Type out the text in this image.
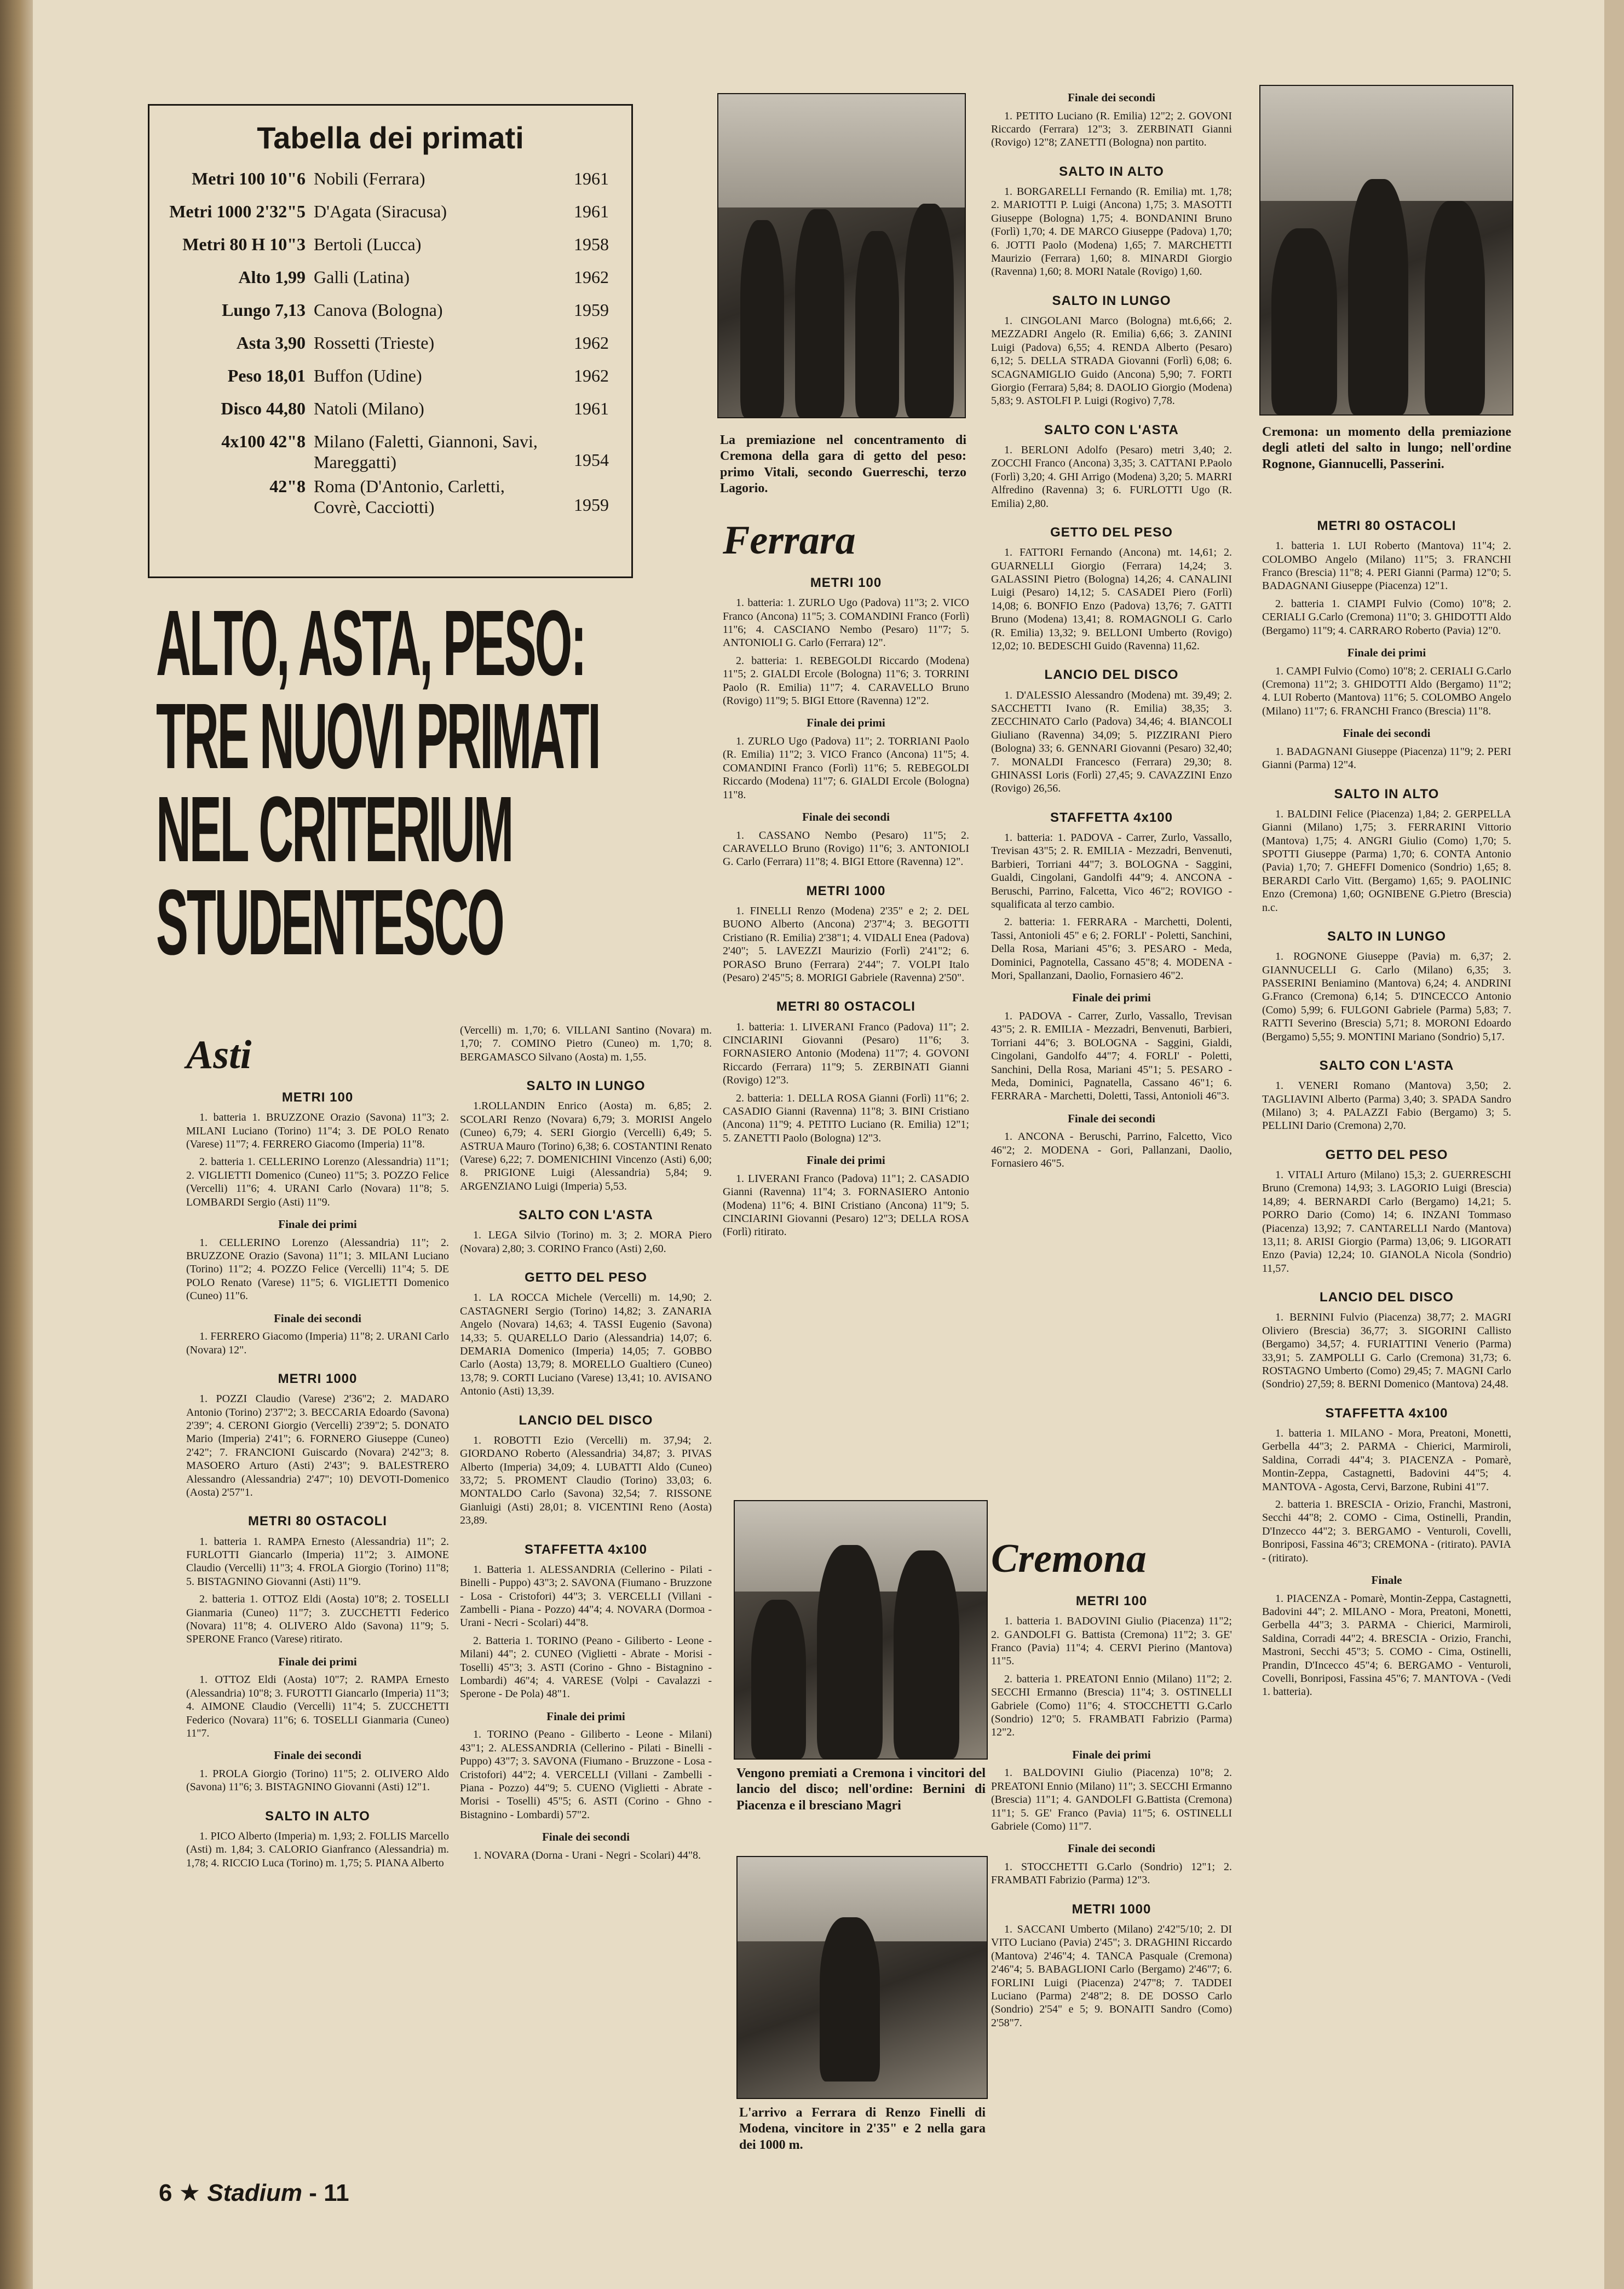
Tabella dei primati
Metri 100 10"6 Nobili (Ferrara)	1961
Metri 1000 2'32"5 D'Agata (Siracusa)	1961
Metri 80 H 10"3 Bertoli (Lucca)	1958
Alto 1,99 Galli (Latina)	1962
Lungo 7,13 Canova (Bologna)	1959
Asta 3,90 Rossetti (Trieste)	1962
Peso 18,01 Buffon (Udine)	1962
Disco 44,80 Natoli (Milano)	1961
4x100 42"8 Milano (Faletti, Giannoni, Savi, Mareggatti)	1954
42"8 Roma (D'Antonio, Carletti, Covrè, Cacciotti)	1959
ALTO, ASTA, PESO:
TRE NUOVI PRIMATI
NEL CRITERIUM
STUDENTESCO
La premiazione nel concentramento di Cremona della gara di getto del peso: primo Vitali, secondo Guerreschi, terzo Lagorio.
Cremona: un momento della premiazione degli atleti del salto in lungo; nell'ordine Rognone, Giannucelli, Passerini.
Vengono premiati a Cremona i vincitori del lancio del disco; nell'ordine: Bernini di Piacenza e il bresciano Magri
L'arrivo a Ferrara di Renzo Finelli di Modena, vincitore in 2'35" e 2 nella gara dei 1000 m.
Asti
METRI 100

1. batteria 1. BRUZZONE Orazio (Savona) 11"3; 2. MILANI Luciano (Torino) 11"4; 3. DE POLO Renato (Varese) 11"7; 4. FERRERO Giacomo (Imperia) 11"8.

2. batteria 1. CELLERINO Lorenzo (Alessandria) 11"1; 2. VIGLIETTI Domenico (Cuneo) 11"5; 3. POZZO Felice (Vercelli) 11"6; 4. URANI Carlo (Novara) 11"8; 5. LOMBARDI Sergio (Asti) 11"9.

Finale dei primi

1. CELLERINO Lorenzo (Alessandria) 11"; 2. BRUZZONE Orazio (Savona) 11"1; 3. MILANI Luciano (Torino) 11"2; 4. POZZO Felice (Vercelli) 11"4; 5. DE POLO Renato (Varese) 11"5; 6. VIGLIETTI Domenico (Cuneo) 11"6.

Finale dei secondi

1. FERRERO Giacomo (Imperia) 11"8; 2. URANI Carlo (Novara) 12".

METRI 1000

1. POZZI Claudio (Varese) 2'36"2; 2. MADARO Antonio (Torino) 2'37"2; 3. BECCARIA Edoardo (Savona) 2'39"; 4. CERONI Giorgio (Vercelli) 2'39"2; 5. DONATO Mario (Imperia) 2'41"; 6. FORNERO Giuseppe (Cuneo) 2'42"; 7. FRANCIONI Guiscardo (Novara) 2'42"3; 8. MASOERO Arturo (Asti) 2'43"; 9. BALESTRERO Alessandro (Alessandria) 2'47"; 10) DEVOTI-Domenico (Aosta) 2'57"1.

METRI 80 OSTACOLI

1. batteria 1. RAMPA Ernesto (Alessandria) 11"; 2. FURLOTTI Giancarlo (Imperia) 11"2; 3. AIMONE Claudio (Vercelli) 11"3; 4. FROLA Giorgio (Torino) 11"8; 5. BISTAGNINO Giovanni (Asti) 11"9.

2. batteria 1. OTTOZ Eldi (Aosta) 10"8; 2. TOSELLI Gianmaria (Cuneo) 11"7; 3. ZUCCHETTI Federico (Novara) 11"8; 4. OLIVERO Aldo (Savona) 11"9; 5. SPERONE Franco (Varese) ritirato.

Finale dei primi

1. OTTOZ Eldi (Aosta) 10"7; 2. RAMPA Ernesto (Alessandria) 10"8; 3. FUROTTI Giancarlo (Imperia) 11"3; 4. AIMONE Claudio (Vercelli) 11"4; 5. ZUCCHETTI Federico (Novara) 11"6; 6. TOSELLI Gianmaria (Cuneo) 11"7.

Finale dei secondi

1. PROLA Giorgio (Torino) 11"5; 2. OLIVERO Aldo (Savona) 11"6; 3. BISTAGNINO Giovanni (Asti) 12"1.

SALTO IN ALTO

1. PICO Alberto (Imperia) m. 1,93; 2. FOLLIS Marcello (Asti) m. 1,84; 3. CALORIO Gianfranco (Alessandria) m. 1,78; 4. RICCIO Luca (Torino) m. 1,75; 5. PIANA Alberto

(Vercelli) m. 1,70; 6. VILLANI Santino (Novara) m. 1,70; 7. COMINO Pietro (Cuneo) m. 1,70; 8. BERGAMASCO Silvano (Aosta) m. 1,55.

SALTO IN LUNGO

1.ROLLANDIN Enrico (Aosta) m. 6,85; 2. SCOLARI Renzo (Novara) 6,79; 3. MORISI Angelo (Cuneo) 6,79; 4. SERI Giorgio (Vercelli) 6,49; 5. ASTRUA Mauro (Torino) 6,38; 6. COSTANTINI Renato (Varese) 6,22; 7. DOMENICHINI Vincenzo (Asti) 6,00; 8. PRIGIONE Luigi (Alessandria) 5,84; 9. ARGENZIANO Luigi (Imperia) 5,53.

SALTO CON L'ASTA

1. LEGA Silvio (Torino) m. 3; 2. MORA Piero (Novara) 2,80; 3. CORINO Franco (Asti) 2,60.

GETTO DEL PESO

1. LA ROCCA Michele (Vercelli) m. 14,90; 2. CASTAGNERI Sergio (Torino) 14,82; 3. ZANARIA Angelo (Novara) 14,63; 4. TASSI Eugenio (Savona) 14,33; 5. QUARELLO Dario (Alessandria) 14,07; 6. DEMARIA Domenico (Imperia) 14,05; 7. GOBBO Carlo (Aosta) 13,79; 8. MORELLO Gualtiero (Cuneo) 13,78; 9. CORTI Luciano (Varese) 13,41; 10. AVISANO Antonio (Asti) 13,39.

LANCIO DEL DISCO

1. ROBOTTI Ezio (Vercelli) m. 37,94; 2. GIORDANO Roberto (Alessandria) 34,87; 3. PIVAS Alberto (Imperia) 34,09; 4. LUBATTI Aldo (Cuneo) 33,72; 5. PROMENT Claudio (Torino) 33,03; 6. MONTALDO Carlo (Savona) 32,54; 7. RISSONE Gianluigi (Asti) 28,01; 8. VICENTINI Reno (Aosta) 23,89.

STAFFETTA 4x100

1. Batteria 1. ALESSANDRIA (Cellerino - Pilati - Binelli - Puppo) 43"3; 2. SAVONA (Fiumano - Bruzzone - Losa - Cristofori) 44"3; 3. VERCELLI (Villani - Zambelli - Piana - Pozzo) 44"4; 4. NOVARA (Dormoa - Urani - Necri - Scolari) 44"8.

2. Batteria 1. TORINO (Peano - Giliberto - Leone - Milani) 44"; 2. CUNEO (Viglietti - Abrate - Morisi - Toselli) 45"3; 3. ASTI (Corino - Ghno - Bistagnino - Lombardi) 46"4; 4. VARESE (Volpi - Cavalazzi - Sperone - De Pola) 48"1.

Finale dei primi

1. TORINO (Peano - Giliberto - Leone - Milani) 43"1; 2. ALESSANDRIA (Cellerino - Pilati - Binelli - Puppo) 43"7; 3. SAVONA (Fiumano - Bruzzone - Losa - Cristofori) 44"2; 4. VERCELLI (Villani - Zambelli - Piana - Pozzo) 44"9; 5. CUENO (Viglietti - Abrate - Morisi - Toselli) 45"5; 6. ASTI (Corino - Ghno - Bistagnino - Lombardi) 57"2.

Finale dei secondi

1. NOVARA (Dorna - Urani - Negri - Scolari) 44"8.

Ferrara
METRI 100

1. batteria: 1. ZURLO Ugo (Padova) 11"3; 2. VICO Franco (Ancona) 11"5; 3. COMANDINI Franco (Forlì) 11"6; 4. CASCIANO Nembo (Pesaro) 11"7; 5. ANTONIOLI G. Carlo (Ferrara) 12".

2. batteria: 1. REBEGOLDI Riccardo (Modena) 11"5; 2. GIALDI Ercole (Bologna) 11"6; 3. TORRINI Paolo (R. Emilia) 11"7; 4. CARAVELLO Bruno (Rovigo) 11"9; 5. BIGI Ettore (Ravenna) 12"2.

Finale dei primi

1. ZURLO Ugo (Padova) 11"; 2. TORRIANI Paolo (R. Emilia) 11"2; 3. VICO Franco (Ancona) 11"5; 4. COMANDINI Franco (Forlì) 11"6; 5. REBEGOLDI Riccardo (Modena) 11"7; 6. GIALDI Ercole (Bologna) 11"8.

Finale dei secondi

1. CASSANO Nembo (Pesaro) 11"5; 2. CARAVELLO Bruno (Rovigo) 11"6; 3. ANTONIOLI G. Carlo (Ferrara) 11"8; 4. BIGI Ettore (Ravenna) 12".

METRI 1000

1. FINELLI Renzo (Modena) 2'35" e 2; 2. DEL BUONO Alberto (Ancona) 2'37"4; 3. BEGOTTI Cristiano (R. Emilia) 2'38"1; 4. VIDALI Enea (Padova) 2'40"; 5. LAVEZZI Maurizio (Forlì) 2'41"2; 6. PORASO Bruno (Ferrara) 2'44"; 7. VOLPI Italo (Pesaro) 2'45"5; 8. MORIGI Gabriele (Ravenna) 2'50".

METRI 80 OSTACOLI

1. batteria: 1. LIVERANI Franco (Padova) 11"; 2. CINCIARINI Giovanni (Pesaro) 11"6; 3. FORNASIERO Antonio (Modena) 11"7; 4. GOVONI Riccardo (Ferrara) 11"9; 5. ZERBINATI Gianni (Rovigo) 12"3.

2. batteria: 1. DELLA ROSA Gianni (Forlì) 11"6; 2. CASADIO Gianni (Ravenna) 11"8; 3. BINI Cristiano (Ancona) 11"9; 4. PETITO Luciano (R. Emilia) 12"1; 5. ZANETTI Paolo (Bologna) 12"3.

Finale dei primi

1. LIVERANI Franco (Padova) 11"1; 2. CASADIO Gianni (Ravenna) 11"4; 3. FORNASIERO Antonio (Modena) 11"6; 4. BINI Cristiano (Ancona) 11"9; 5. CINCIARINI Giovanni (Pesaro) 12"3; DELLA ROSA (Forlì) ritirato.

Finale dei secondi

1. PETITO Luciano (R. Emilia) 12"2; 2. GOVONI Riccardo (Ferrara) 12"3; 3. ZERBINATI Gianni (Rovigo) 12"8; ZANETTI (Bologna) non partito.

SALTO IN ALTO

1. BORGARELLI Fernando (R. Emilia) mt. 1,78; 2. MARIOTTI P. Luigi (Ancona) 1,75; 3. MASOTTI Giuseppe (Bologna) 1,75; 4. BONDANINI Bruno (Forlì) 1,70; 4. DE MARCO Giuseppe (Padova) 1,70; 6. JOTTI Paolo (Modena) 1,65; 7. MARCHETTI Maurizio (Ferrara) 1,60; 8. MINARDI Giorgio (Ravenna) 1,60; 8. MORI Natale (Rovigo) 1,60.

SALTO IN LUNGO

1. CINGOLANI Marco (Bologna) mt.6,66; 2. MEZZADRI Angelo (R. Emilia) 6,66; 3. ZANINI Luigi (Padova) 6,55; 4. RENDA Alberto (Pesaro) 6,12; 5. DELLA STRADA Giovanni (Forlì) 6,08; 6. SCAGNAMIGLIO Guido (Ancona) 5,90; 7. FORTI Giorgio (Ferrara) 5,84; 8. DAOLIO Giorgio (Modena) 5,83; 9. ASTOLFI P. Luigi (Rogivo) 7,78.

SALTO CON L'ASTA

1. BERLONI Adolfo (Pesaro) metri 3,40; 2. ZOCCHI Franco (Ancona) 3,35; 3. CATTANI P.Paolo (Forlì) 3,20; 4. GHI Arrigo (Modena) 3,20; 5. MARRI Alfredino (Ravenna) 3; 6. FURLOTTI Ugo (R. Emilia) 2,80.

GETTO DEL PESO

1. FATTORI Fernando (Ancona) mt. 14,61; 2. GUARNELLI Giorgio (Ferrara) 14,24; 3. GALASSINI Pietro (Bologna) 14,26; 4. CANALINI Luigi (Pesaro) 14,12; 5. CASADEI Piero (Forlì) 14,08; 6. BONFIO Enzo (Padova) 13,76; 7. GATTI Bruno (Modena) 13,41; 8. ROMAGNOLI G. Carlo (R. Emilia) 13,32; 9. BELLONI Umberto (Rovigo) 12,02; 10. BEDESCHI Guido (Ravenna) 11,62.

LANCIO DEL DISCO

1. D'ALESSIO Alessandro (Modena) mt. 39,49; 2. SACCHETTI Ivano (R. Emilia) 38,35; 3. ZECCHINATO Carlo (Padova) 34,46; 4. BIANCOLI Giuliano (Ravenna) 34,09; 5. PIZZIRANI Piero (Bologna) 33; 6. GENNARI Giovanni (Pesaro) 32,40; 7. MONALDI Francesco (Ferrara) 29,30; 8. GHINASSI Loris (Forlì) 27,45; 9. CAVAZZINI Enzo (Rovigo) 26,56.

STAFFETTA 4x100

1. batteria: 1. PADOVA - Carrer, Zurlo, Vassallo, Trevisan 43"5; 2. R. EMILIA - Mezzadri, Benvenuti, Barbieri, Torriani 44"7; 3. BOLOGNA - Saggini, Gualdi, Cingolani, Gandolfi 44"9; 4. ANCONA - Beruschi, Parrino, Falcetta, Vico 46"2; ROVIGO - squalificata al terzo cambio.

2. batteria: 1. FERRARA - Marchetti, Dolenti, Tassi, Antonioli 45" e 6; 2. FORLI' - Poletti, Sanchini, Della Rosa, Mariani 45"6; 3. PESARO - Meda, Dominici, Pagnotella, Cassano 45"8; 4. MODENA - Mori, Spallanzani, Daolio, Fornasiero 46"2.

Finale dei primi

1. PADOVA - Carrer, Zurlo, Vassallo, Trevisan 43"5; 2. R. EMILIA - Mezzadri, Benvenuti, Barbieri, Torriani 44"6; 3. BOLOGNA - Saggini, Gialdi, Cingolani, Gandolfo 44"7; 4. FORLI' - Poletti, Sanchini, Della Rosa, Mariani 45"1; 5. PESARO - Meda, Dominici, Pagnatella, Cassano 46"1; 6. FERRARA - Marchetti, Doletti, Tassi, Antonioli 46"3.

Finale dei secondi

1. ANCONA - Beruschi, Parrino, Falcetto, Vico 46"2; 2. MODENA - Gori, Pallanzani, Daolio, Fornasiero 46"5.

Cremona
METRI 100

1. batteria 1. BADOVINI Giulio (Piacenza) 11"2; 2. GANDOLFI G. Battista (Cremona) 11"2; 3. GE' Franco (Pavia) 11"4; 4. CERVI Pierino (Mantova) 11"5.

2. batteria 1. PREATONI Ennio (Milano) 11"2; 2. SECCHI Ermanno (Brescia) 11"4; 3. OSTINELLI Gabriele (Como) 11"6; 4. STOCCHETTI G.Carlo (Sondrio) 12"0; 5. FRAMBATI Fabrizio (Parma) 12"2.

Finale dei primi

1. BALDOVINI Giulio (Piacenza) 10"8; 2. PREATONI Ennio (Milano) 11"; 3. SECCHI Ermanno (Brescia) 11"1; 4. GANDOLFI G.Battista (Cremona) 11"1; 5. GE' Franco (Pavia) 11"5; 6. OSTINELLI Gabriele (Como) 11"7.

Finale dei secondi

1. STOCCHETTI G.Carlo (Sondrio) 12"1; 2. FRAMBATI Fabrizio (Parma) 12"3.

METRI 1000

1. SACCANI Umberto (Milano) 2'42"5/10; 2. DI VITO Luciano (Pavia) 2'45"; 3. DRAGHINI Riccardo (Mantova) 2'46"4; 4. TANCA Pasquale (Cremona) 2'46"4; 5. BABAGLIONI Carlo (Bergamo) 2'46"7; 6. FORLINI Luigi (Piacenza) 2'47"8; 7. TADDEI Luciano (Parma) 2'48"2; 8. DE DOSSO Carlo (Sondrio) 2'54" e 5; 9. BONAITI Sandro (Como) 2'58"7.

METRI 80 OSTACOLI

1. batteria 1. LUI Roberto (Mantova) 11"4; 2. COLOMBO Angelo (Milano) 11"5; 3. FRANCHI Franco (Brescia) 11"8; 4. PERI Gianni (Parma) 12"0; 5. BADAGNANI Giuseppe (Piacenza) 12"1.

2. batteria 1. CIAMPI Fulvio (Como) 10"8; 2. CERIALI G.Carlo (Cremona) 11"0; 3. GHIDOTTI Aldo (Bergamo) 11"9; 4. CARRARO Roberto (Pavia) 12"0.

Finale dei primi

1. CAMPI Fulvio (Como) 10"8; 2. CERIALI G.Carlo (Cremona) 11"2; 3. GHIDOTTI Aldo (Bergamo) 11"2; 4. LUI Roberto (Mantova) 11"6; 5. COLOMBO Angelo (Milano) 11"7; 6. FRANCHI Franco (Brescia) 11"8.

Finale dei secondi

1. BADAGNANI Giuseppe (Piacenza) 11"9; 2. PERI Gianni (Parma) 12"4.

SALTO IN ALTO

1. BALDINI Felice (Piacenza) 1,84; 2. GERPELLA Gianni (Milano) 1,75; 3. FERRARINI Vittorio (Mantova) 1,75; 4. ANGRI Giulio (Como) 1,70; 5. SPOTTI Giuseppe (Parma) 1,70; 6. CONTA Antonio (Pavia) 1,70; 7. GHEFFI Domenico (Sondrio) 1,65; 8. BERARDI Carlo Vitt. (Bergamo) 1,65; 9. PAOLINIC Enzo (Cremona) 1,60; OGNIBENE G.Pietro (Brescia) n.c.

SALTO IN LUNGO

1. ROGNONE Giuseppe (Pavia) m. 6,37; 2. GIANNUCELLI G. Carlo (Milano) 6,35; 3. PASSERINI Beniamino (Mantova) 6,24; 4. ANDRINI G.Franco (Cremona) 6,14; 5. D'INCECCO Antonio (Como) 5,99; 6. FULGONI Gabriele (Parma) 5,83; 7. RATTI Severino (Brescia) 5,71; 8. MORONI Edoardo (Bergamo) 5,55; 9. MONTINI Mariano (Sondrio) 5,17.

SALTO CON L'ASTA

1. VENERI Romano (Mantova) 3,50; 2. TAGLIAVINI Alberto (Parma) 3,40; 3. SPADA Sandro (Milano) 3; 4. PALAZZI Fabio (Bergamo) 3; 5. PELLINI Dario (Cremona) 2,70.

GETTO DEL PESO

1. VITALI Arturo (Milano) 15,3; 2. GUERRESCHI Bruno (Cremona) 14,93; 3. LAGORIO Luigi (Brescia) 14,89; 4. BERNARDI Carlo (Bergamo) 14,21; 5. PORRO Dario (Como) 14; 6. INZANI Tommaso (Piacenza) 13,92; 7. CANTARELLI Nardo (Mantova) 13,11; 8. ARISI Giorgio (Parma) 13,06; 9. LIGORATI Enzo (Pavia) 12,24; 10. GIANOLA Nicola (Sondrio) 11,57.

LANCIO DEL DISCO

1. BERNINI Fulvio (Piacenza) 38,77; 2. MAGRI Oliviero (Brescia) 36,77; 3. SIGORINI Callisto (Bergamo) 34,57; 4. FURIATTINI Venerio (Parma) 33,91; 5. ZAMPOLLI G. Carlo (Cremona) 31,73; 6. ROSTAGNO Umberto (Como) 29,45; 7. MAGNI Carlo (Sondrio) 27,59; 8. BERNI Domenico (Mantova) 24,48.

STAFFETTA 4x100

1. batteria 1. MILANO - Mora, Preatoni, Monetti, Gerbella 44"3; 2. PARMA - Chierici, Marmiroli, Saldina, Corradi 44"4; 3. PIACENZA - Pomarè, Montin-Zeppa, Castagnetti, Badovini 44"5; 4. MANTOVA - Agosta, Cervi, Barzone, Rubini 41"7.

2. batteria 1. BRESCIA - Orizio, Franchi, Mastroni, Secchi 44"8; 2. COMO - Cima, Ostinelli, Prandin, D'Inzecco 44"2; 3. BERGAMO - Venturoli, Covelli, Bonriposi, Fassina 46"3; CREMONA - (ritirato). PAVIA - (ritirato).

Finale

1. PIACENZA - Pomarè, Montin-Zeppa, Castagnetti, Badovini 44"; 2. MILANO - Mora, Preatoni, Monetti, Gerbella 44"3; 3. PARMA - Chierici, Marmiroli, Saldina, Corradi 44"2; 4. BRESCIA - Orizio, Franchi, Mastroni, Secchi 45"3; 5. COMO - Cima, Ostinelli, Prandin, D'Incecco 45"4; 6. BERGAMO - Venturoli, Covelli, Bonriposi, Fassina 45"6; 7. MANTOVA - (Vedi 1. batteria).

6 ★ Stadium - 11
